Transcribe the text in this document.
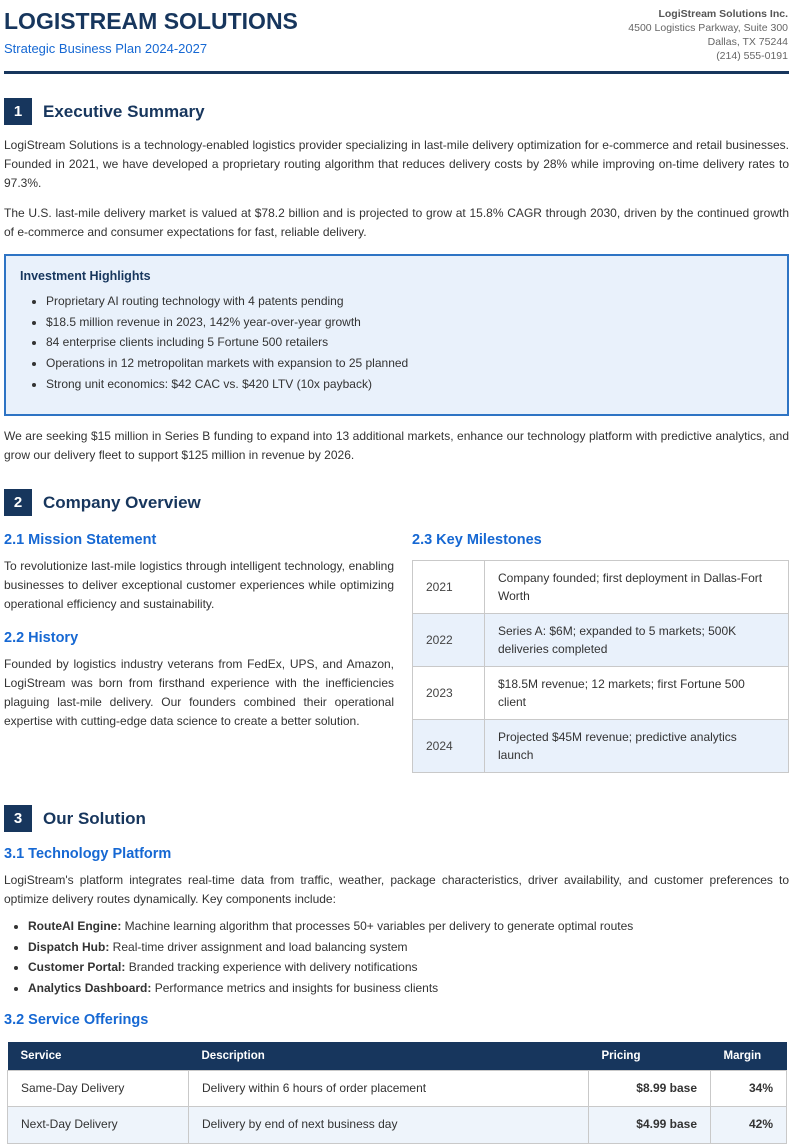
LOGISTREAM SOLUTIONS
Strategic Business Plan 2024-2027
LogiStream Solutions Inc.
4500 Logistics Parkway, Suite 300
Dallas, TX 75244
(214) 555-0191
1	Executive Summary

LogiStream Solutions is a technology-enabled logistics provider specializing in last-mile delivery optimization for e-commerce and retail businesses. Founded in 2021, we have developed a proprietary routing algorithm that reduces delivery costs by 28% while improving on-time delivery rates to 97.3%.

The U.S. last-mile delivery market is valued at $78.2 billion and is projected to grow at 15.8% CAGR through 2030, driven by the continued growth of e-commerce and consumer expectations for fast, reliable delivery.

Investment Highlights
• Proprietary AI routing technology with 4 patents pending
• $18.5 million revenue in 2023, 142% year-over-year growth
• 84 enterprise clients including 5 Fortune 500 retailers
• Operations in 12 metropolitan markets with expansion to 25 planned
• Strong unit economics: $42 CAC vs. $420 LTV (10x payback)

We are seeking $15 million in Series B funding to expand into 13 additional markets, enhance our technology platform with predictive analytics, and grow our delivery fleet to support $125 million in revenue by 2026.

2	Company Overview
2.1 Mission Statement

To revolutionize last-mile logistics through intelligent technology, enabling businesses to deliver exceptional customer experiences while optimizing operational efficiency and sustainability.

2.2 History

Founded by logistics industry veterans from FedEx, UPS, and Amazon, LogiStream was born from firsthand experience with the inefficiencies plaguing last-mile delivery. Our founders combined their operational expertise with cutting-edge data science to create a better solution.

2.3 Key Milestones
2021	Company founded; first deployment in Dallas-Fort Worth
2022	Series A: $6M; expanded to 5 markets; 500K deliveries completed
2023	$18.5M revenue; 12 markets; first Fortune 500 client
2024	Projected $45M revenue; predictive analytics launch
3	Our Solution
3.1 Technology Platform

LogiStream's platform integrates real-time data from traffic, weather, package characteristics, driver availability, and customer preferences to optimize delivery routes dynamically. Key components include:

• RouteAI Engine: Machine learning algorithm that processes 50+ variables per delivery to generate optimal routes
• Dispatch Hub: Real-time driver assignment and load balancing system
• Customer Portal: Branded tracking experience with delivery notifications
• Analytics Dashboard: Performance metrics and insights for business clients
3.2 Service Offerings
Service	Description	Pricing	Margin
Same-Day Delivery	Delivery within 6 hours of order placement	$8.99 base	34%
Next-Day Delivery	Delivery by end of next business day	$4.99 base	42%
